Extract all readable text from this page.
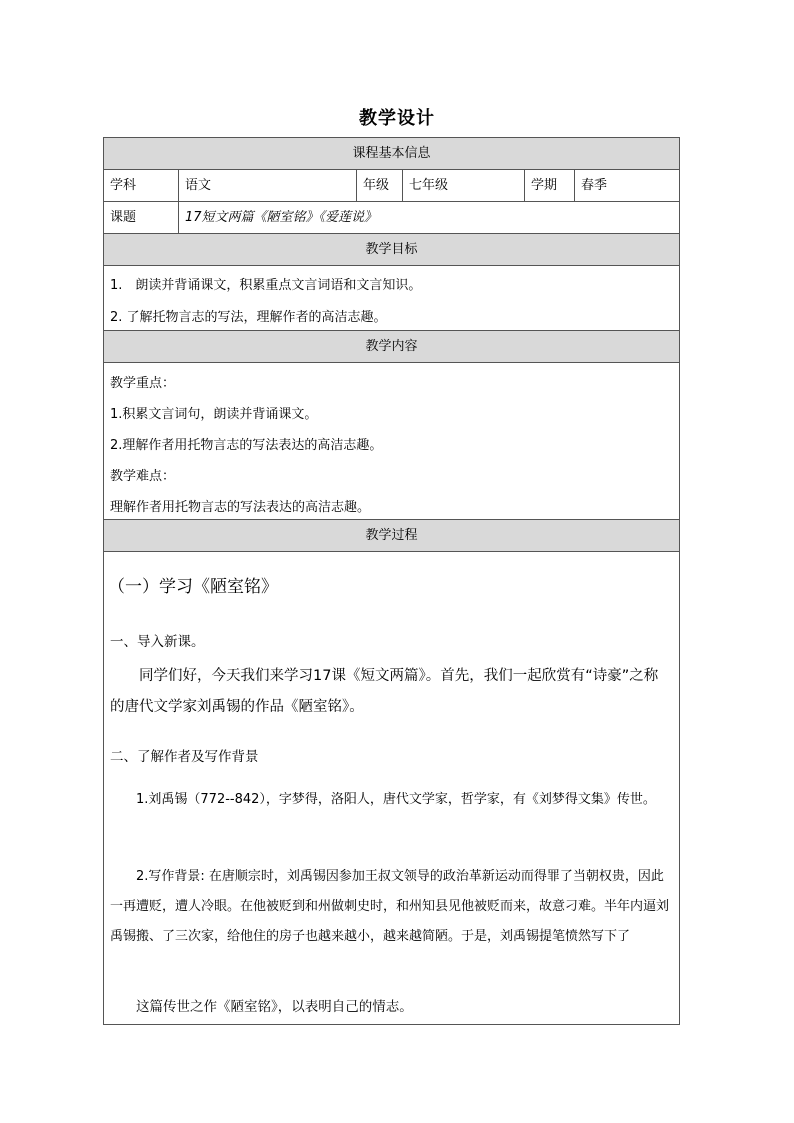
教学设计
课程基本信息
学科	语文	年级	七年级	学期	春季
课题	17短文两篇《陋室铭》《爱莲说》
教学目标
1.　朗读并背诵课文，积累重点文言词语和文言知识。
2. 了解托物言志的写法，理解作者的高洁志趣。
教学内容
教学重点：
1.积累文言词句，朗读并背诵课文。
2.理解作者用托物言志的写法表达的高洁志趣。
教学难点：
理解作者用托物言志的写法表达的高洁志趣。
教学过程
（一）学习《陋室铭》
一、导入新课。
同学们好，今天我们来学习17课《短文两篇》。首先，我们一起欣赏有“诗豪”之称的唐代文学家刘禹锡的作品《陋室铭》。
二、了解作者及写作背景
1.刘禹锡（772--842），字梦得，洛阳人，唐代文学家，哲学家，有《刘梦得文集》传世。
2.写作背景: 在唐顺宗时，刘禹锡因参加王叔文领导的政治革新运动而得罪了当朝权贵，因此一再遭贬，遭人冷眼。在他被贬到和州做刺史时，和州知县见他被贬而来，故意刁难。半年内逼刘禹锡搬、了三次家，给他住的房子也越来越小，越来越简陋。于是，刘禹锡提笔愤然写下了
这篇传世之作《陋室铭》，以表明自己的情志。
